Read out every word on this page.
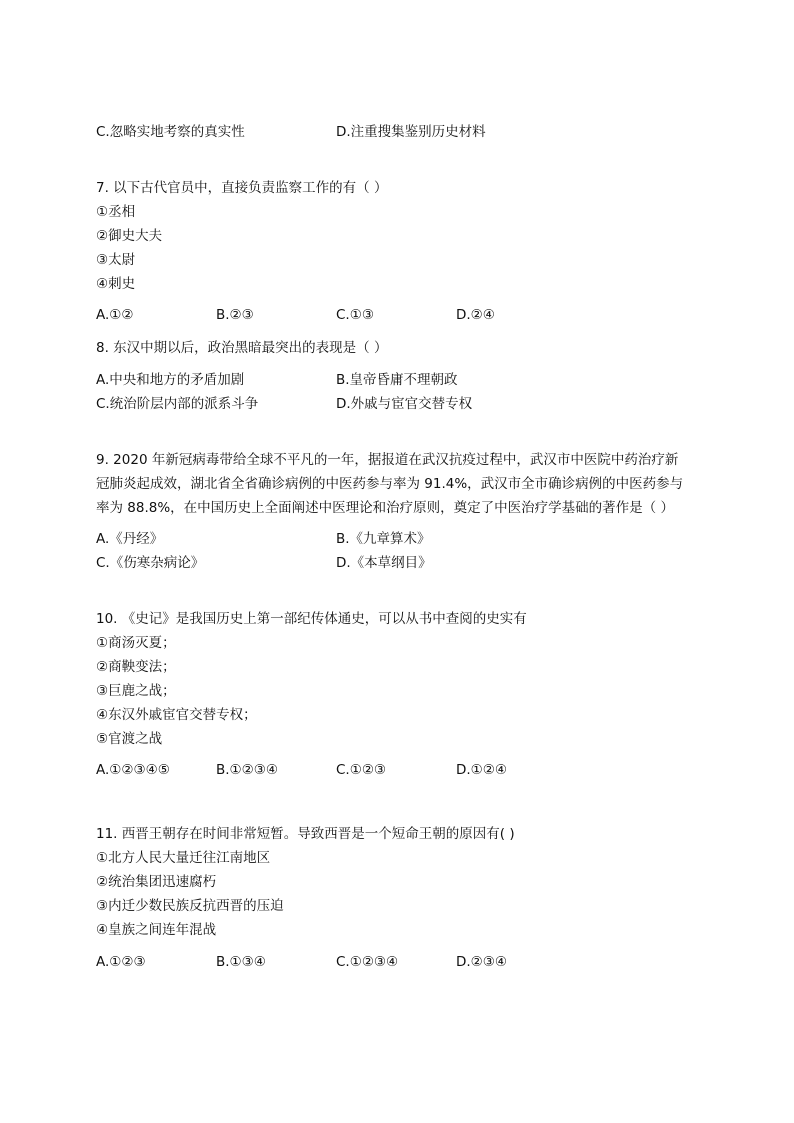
C.忽略实地考察的真实性	D.注重搜集鉴别历史材料
7. 以下古代官员中，直接负责监察工作的有（ ）
①丞相
②御史大夫
③太尉
④刺史
A.①②	B.②③	C.①③	D.②④
8. 东汉中期以后，政治黑暗最突出的表现是（ ）
A.中央和地方的矛盾加剧	B.皇帝昏庸不理朝政
C.统治阶层内部的派系斗争	D.外戚与宦官交替专权
9. 2020 年新冠病毒带给全球不平凡的一年，据报道在武汉抗疫过程中，武汉市中医院中药治疗新
冠肺炎起成效，湖北省全省确诊病例的中医药参与率为 91.4%，武汉市全市确诊病例的中医药参与
率为 88.8%，在中国历史上全面阐述中医理论和治疗原则，奠定了中医治疗学基础的著作是（ ）
A.《丹经》	B.《九章算术》
C.《伤寒杂病论》	D.《本草纲目》
10. 《史记》是我国历史上第一部纪传体通史，可以从书中查阅的史实有
①商汤灭夏；
②商鞅变法；
③巨鹿之战；
④东汉外戚宦官交替专权；
⑤官渡之战
A.①②③④⑤	B.①②③④	C.①②③	D.①②④
11. 西晋王朝存在时间非常短暂。导致西晋是一个短命王朝的原因有( )
①北方人民大量迁往江南地区
②统治集团迅速腐朽
③内迁少数民族反抗西晋的压迫
④皇族之间连年混战
A.①②③	B.①③④	C.①②③④	D.②③④
